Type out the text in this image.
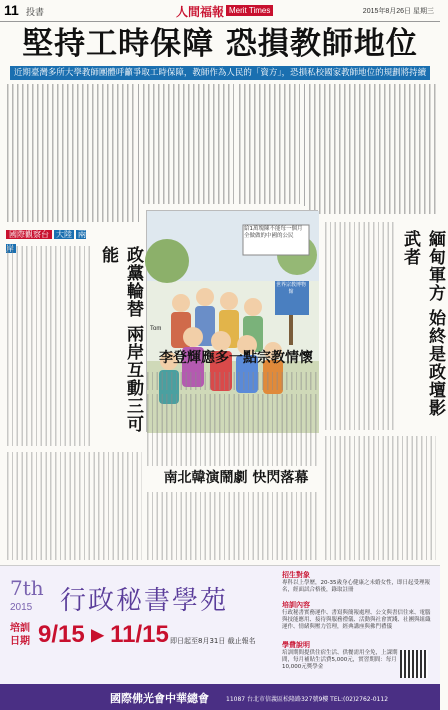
11 投書	人間福報 Merit Times	2015年8月26日 星期三
堅持工時保障 恐損教師地位
近期臺灣多所大學教師團體呼籲爭取工時保障，教師作為人民的「資方」，恐損私校國家教師地位的規劃將持續
國際觀察台 大陸 兩岸	政黨輪替 兩岸互動三可能
給1萬塊陳不能每一個月全做做的中國的公民
世界宗教博物館
Tom
李登輝應多一點宗教情懷
南北韓演鬧劇 快閃落幕
緬甸軍方 始終是政壇影武者
7th
2015 行政秘書學苑
培訓日期 9/15 ▸ 11/15 即日起至8月31日 截止報名
招生對象
專科以上學歷，20-35歲身心健康之未婚女性，即日起受理報名，經面試合格後，錄取註冊
培訓內容
行政秘書實務運作、書寫與簡報處理、公文與書信往來、電腦與技能應用、接待與服務禮儀、活動與社會實踐、社團與組織運作、情緒與壓力管理，經典講座與佛門禮儀
學費說明
培訓期間提供住宿生活、供餐需用全免，上課期間，每月補貼生活費5,000元，實習期間：每月10,000元獎學金
國際佛光會中華總會	11087 台北市信義區松隆路327號9樓 TEL:(02)2762-0112
